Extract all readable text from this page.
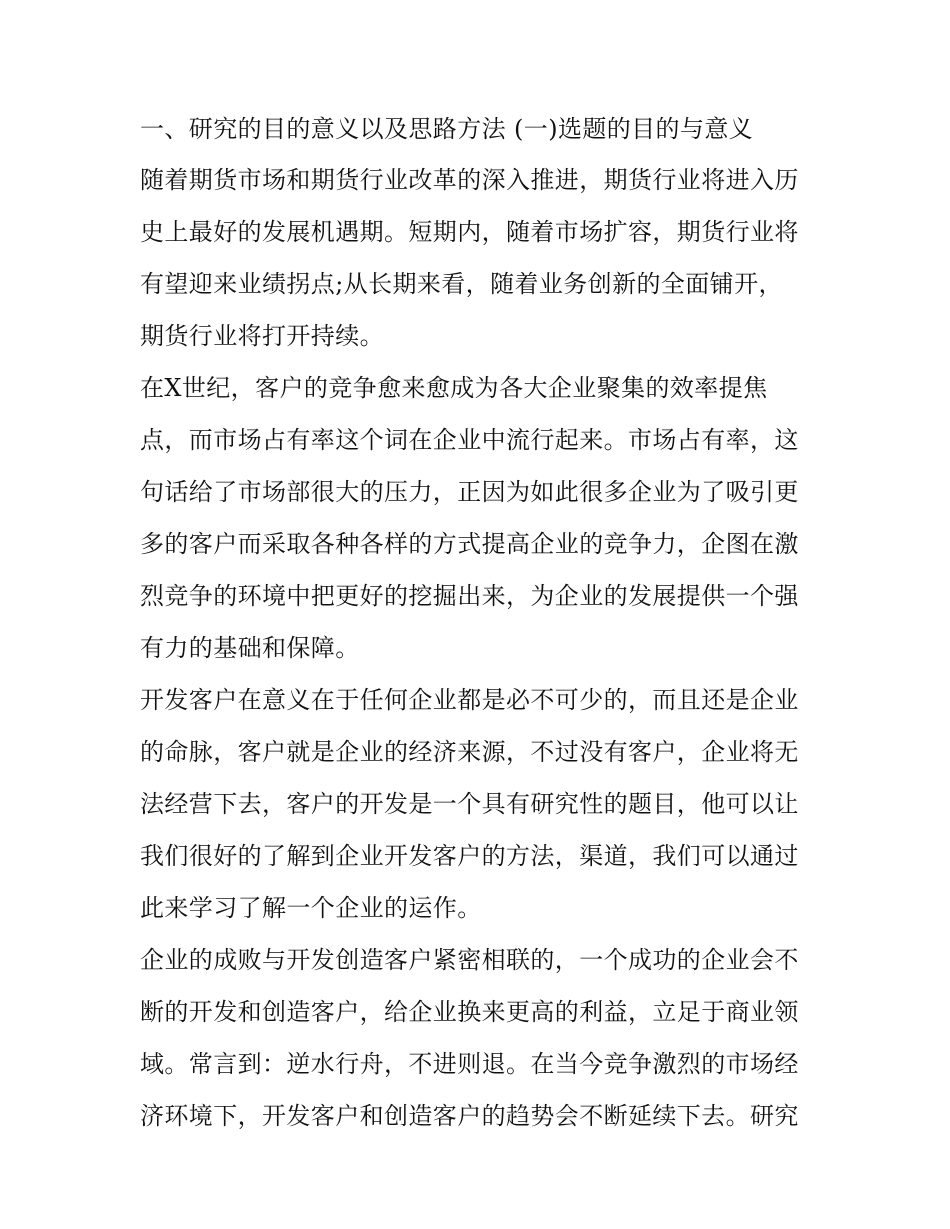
一、研究的目的意义以及思路方法 (一)选题的目的与意义
随着期货市场和期货行业改革的深入推进，期货行业将进入历
史上最好的发展机遇期。短期内，随着市场扩容，期货行业将
有望迎来业绩拐点;从长期来看，随着业务创新的全面铺开，
期货行业将打开持续。
在X世纪，客户的竞争愈来愈成为各大企业聚集的效率提焦
点，而市场占有率这个词在企业中流行起来。市场占有率，这
句话给了市场部很大的压力，正因为如此很多企业为了吸引更
多的客户而采取各种各样的方式提高企业的竞争力，企图在激
烈竞争的环境中把更好的挖掘出来，为企业的发展提供一个强
有力的基础和保障。
开发客户在意义在于任何企业都是必不可少的，而且还是企业
的命脉，客户就是企业的经济来源，不过没有客户，企业将无
法经营下去，客户的开发是一个具有研究性的题目，他可以让
我们很好的了解到企业开发客户的方法，渠道，我们可以通过
此来学习了解一个企业的运作。
企业的成败与开发创造客户紧密相联的，一个成功的企业会不
断的开发和创造客户，给企业换来更高的利益，立足于商业领
域。常言到：逆水行舟，不进则退。在当今竞争激烈的市场经
济环境下，开发客户和创造客户的趋势会不断延续下去。研究
